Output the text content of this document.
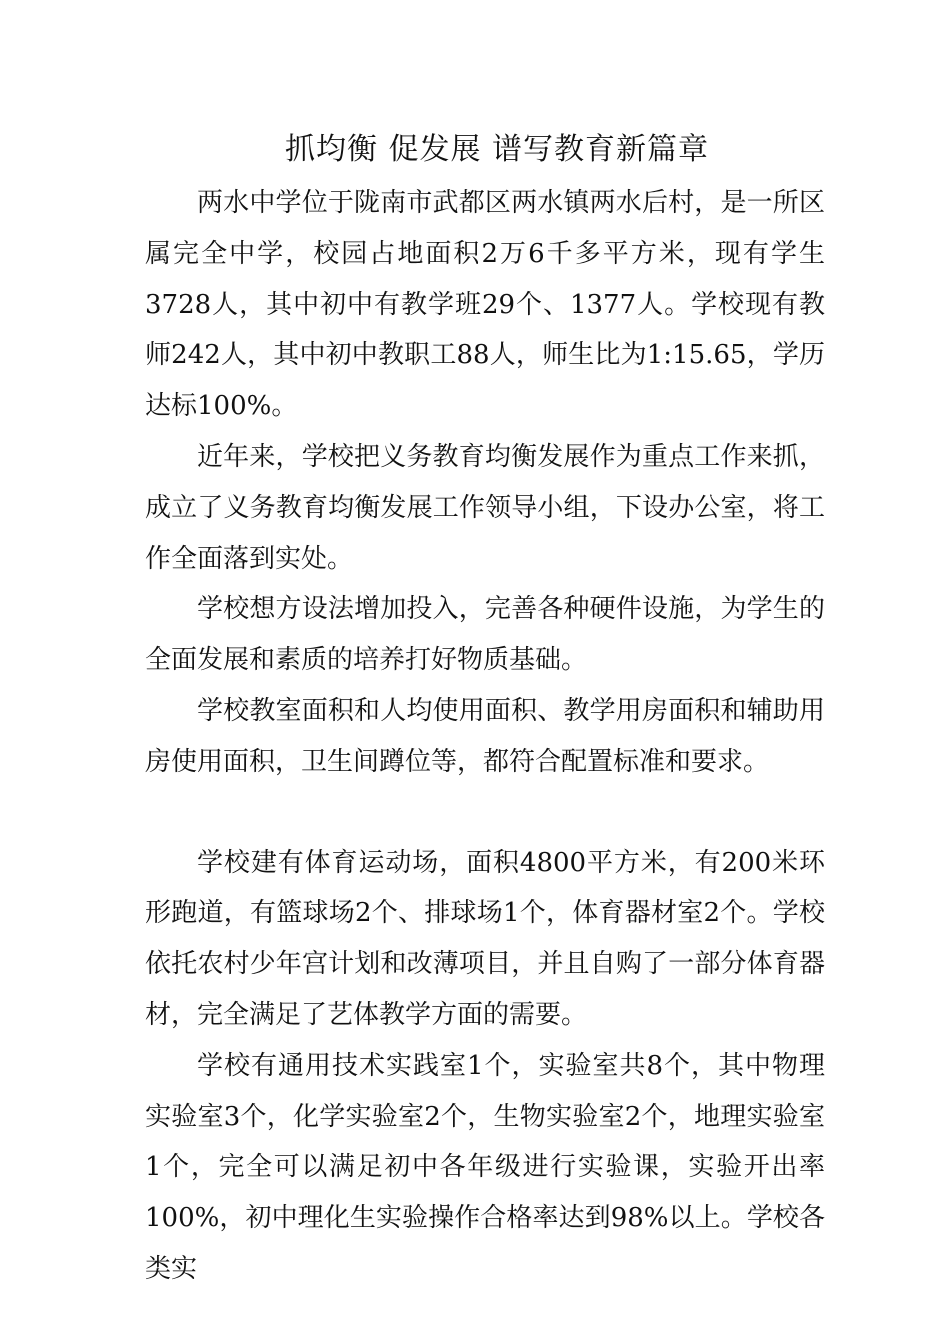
抓均衡 促发展 谱写教育新篇章

两水中学位于陇南市武都区两水镇两水后村，是一所区属完全中学，校园占地面积2万6千多平方米，现有学生3728人，其中初中有教学班29个、1377人。学校现有教师242人，其中初中教职工88人，师生比为1:15.65，学历达标100%。

近年来，学校把义务教育均衡发展作为重点工作来抓，成立了义务教育均衡发展工作领导小组，下设办公室，将工作全面落到实处。

学校想方设法增加投入，完善各种硬件设施，为学生的全面发展和素质的培养打好物质基础。

学校教室面积和人均使用面积、教学用房面积和辅助用房使用面积，卫生间蹲位等，都符合配置标准和要求。

学校建有体育运动场，面积4800平方米，有200米环形跑道，有篮球场2个、排球场1个，体育器材室2个。学校依托农村少年宫计划和改薄项目，并且自购了一部分体育器材，完全满足了艺体教学方面的需要。

学校有通用技术实践室1个，实验室共8个，其中物理实验室3个，化学实验室2个，生物实验室2个，地理实验室1个，完全可以满足初中各年级进行实验课，实验开出率100%，初中理化生实验操作合格率达到98%以上。学校各类实
